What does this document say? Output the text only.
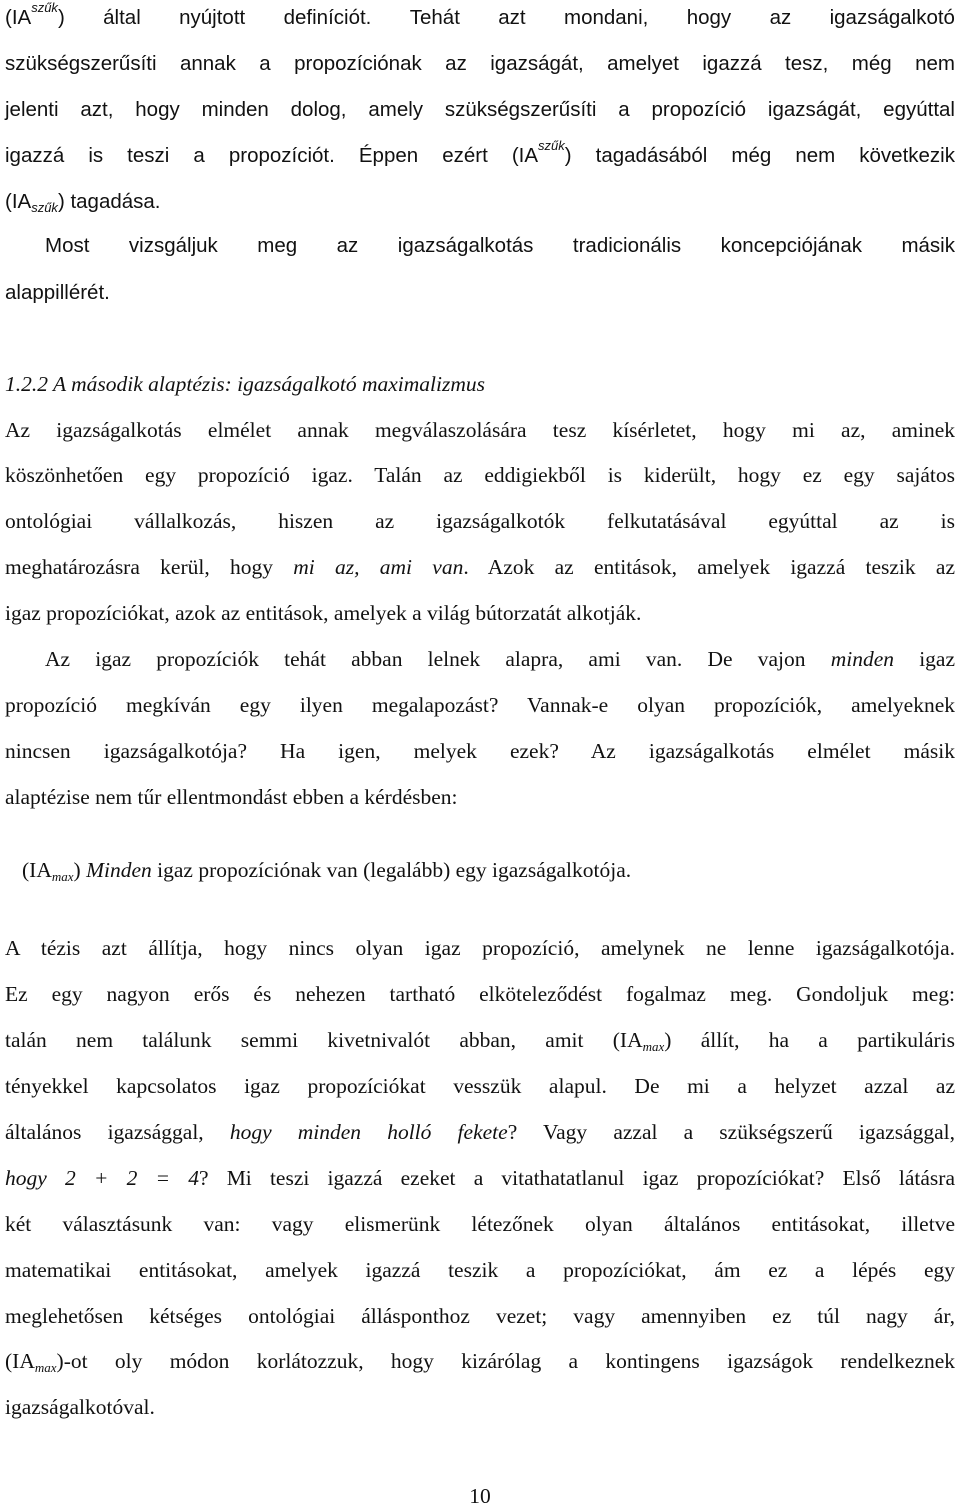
$(IA^{szűk})$ által nyújtott definíciót. Tehát azt mondani, hogy az igazságalkotó
szükségszerűsíti annak a propozíciónak az igazságát, amelyet igazzá tesz, még nem
jelenti azt, hogy minden dolog, amely szükségszerűsíti a propozíció igazságát, egyúttal
igazzá is teszi a propozíciót. Éppen ezért $(IA^{szűk})$ tagadásából még nem következik
$(IA_{szűk})$ tagadása.
Most vizsgáljuk meg az igazságalkotás tradicionális koncepciójának másik
alappillérét.
1.2.2 A második alaptézis: igazságalkotó maximalizmus
Az igazságalkotás elmélet annak megválaszolására tesz kísérletet, hogy mi az, aminek
köszönhetően egy propozíció igaz. Talán az eddigiekből is kiderült, hogy ez egy sajátos
ontológiai vállalkozás, hiszen az igazságalkotók felkutatásával egyúttal az is
meghatározásra kerül, hogy mi az, ami van. Azok az entitások, amelyek igazzá teszik az
igaz propozíciókat, azok az entitások, amelyek a világ bútorzatát alkotják.
Az igaz propozíciók tehát abban lelnek alapra, ami van. De vajon minden igaz
propozíció megkíván egy ilyen megalapozást? Vannak-e olyan propozíciók, amelyeknek
nincsen igazságalkotója? Ha igen, melyek ezek? Az igazságalkotás elmélet másik
alaptézise nem tűr ellentmondást ebben a kérdésben:
$(IA_{max})$ Minden igaz propozíciónak van (legalább) egy igazságalkotója.
A tézis azt állítja, hogy nincs olyan igaz propozíció, amelynek ne lenne igazságalkotója.
Ez egy nagyon erős és nehezen tartható elköteleződést fogalmaz meg. Gondoljuk meg:
talán nem találunk semmi kivetnivalót abban, amit $(IA_{max})$ állít, ha a partikuláris
tényekkel kapcsolatos igaz propozíciókat vesszük alapul. De mi a helyzet azzal az
általános igazsággal, hogy minden holló fekete? Vagy azzal a szükségszerű igazsággal,
hogy 2 + 2 = 4? Mi teszi igazzá ezeket a vitathatatlanul igaz propozíciókat? Első látásra
két választásunk van: vagy elismerünk létezőnek olyan általános entitásokat, illetve
matematikai entitásokat, amelyek igazzá teszik a propozíciókat, ám ez a lépés egy
meglehetősen kétséges ontológiai állásponthoz vezet; vagy amennyiben ez túl nagy ár,
$(IA_{max})-ot$ oly módon korlátozzuk, hogy kizárólag a kontingens igazságok rendelkeznek
igazságalkotóval.
10
